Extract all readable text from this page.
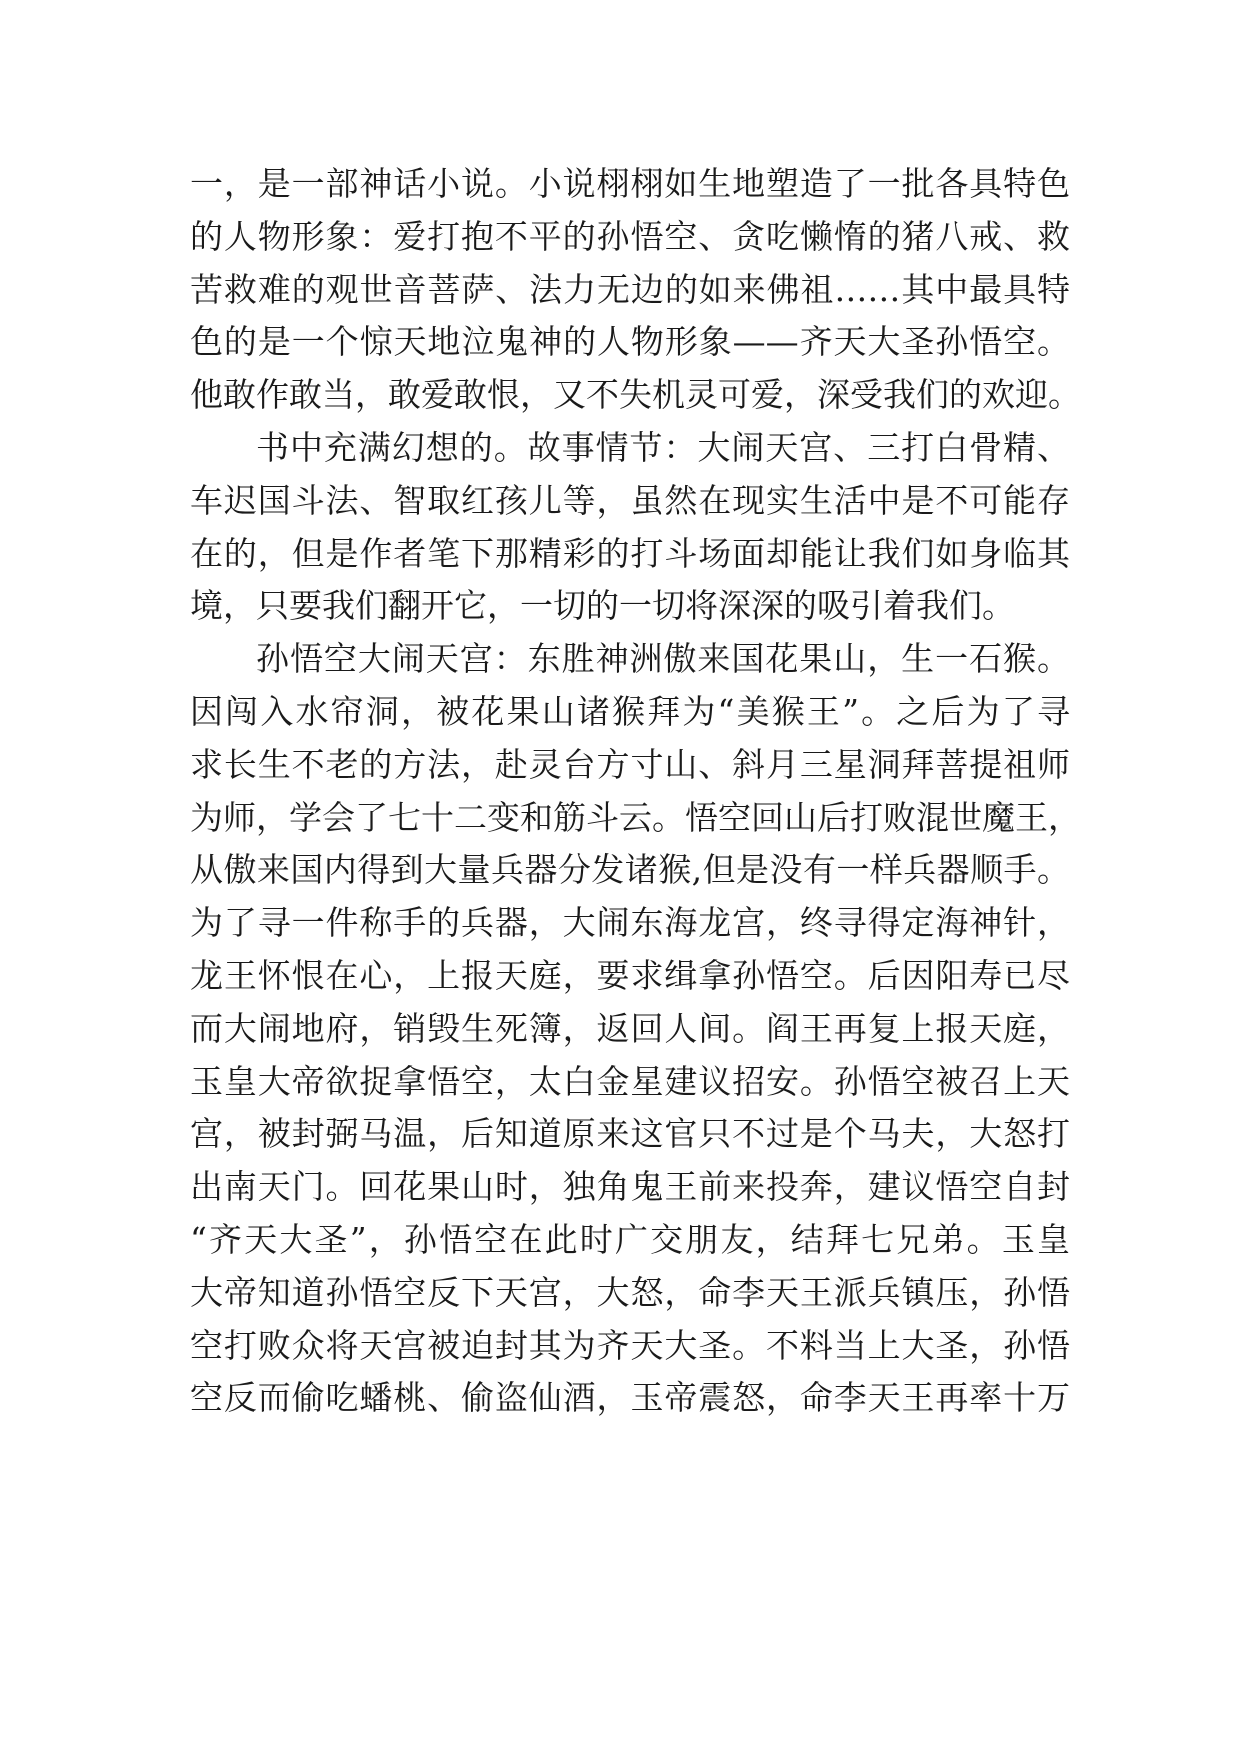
一，是一部神话小说。小说栩栩如生地塑造了一批各具特色
的人物形象：爱打抱不平的孙悟空、贪吃懒惰的猪八戒、救
苦救难的观世音菩萨、法力无边的如来佛祖……其中最具特
色的是一个惊天地泣鬼神的人物形象——齐天大圣孙悟空。
他敢作敢当，敢爱敢恨，又不失机灵可爱，深受我们的欢迎。
书中充满幻想的。故事情节：大闹天宫、三打白骨精、
车迟国斗法、智取红孩儿等，虽然在现实生活中是不可能存
在的，但是作者笔下那精彩的打斗场面却能让我们如身临其
境，只要我们翻开它，一切的一切将深深的吸引着我们。
孙悟空大闹天宫：东胜神洲傲来国花果山，生一石猴。
因闯入水帘洞，被花果山诸猴拜为“美猴王”。之后为了寻
求长生不老的方法，赴灵台方寸山、斜月三星洞拜菩提祖师
为师，学会了七十二变和筋斗云。悟空回山后打败混世魔王，
从傲来国内得到大量兵器分发诸猴,但是没有一样兵器顺手。
为了寻一件称手的兵器，大闹东海龙宫，终寻得定海神针，
龙王怀恨在心，上报天庭，要求缉拿孙悟空。后因阳寿已尽
而大闹地府，销毁生死簿，返回人间。阎王再复上报天庭，
玉皇大帝欲捉拿悟空，太白金星建议招安。孙悟空被召上天
宫，被封弼马温，后知道原来这官只不过是个马夫，大怒打
出南天门。回花果山时，独角鬼王前来投奔，建议悟空自封
“齐天大圣”，孙悟空在此时广交朋友，结拜七兄弟。玉皇
大帝知道孙悟空反下天宫，大怒，命李天王派兵镇压，孙悟
空打败众将天宫被迫封其为齐天大圣。不料当上大圣，孙悟
空反而偷吃蟠桃、偷盗仙酒，玉帝震怒，命李天王再率十万
